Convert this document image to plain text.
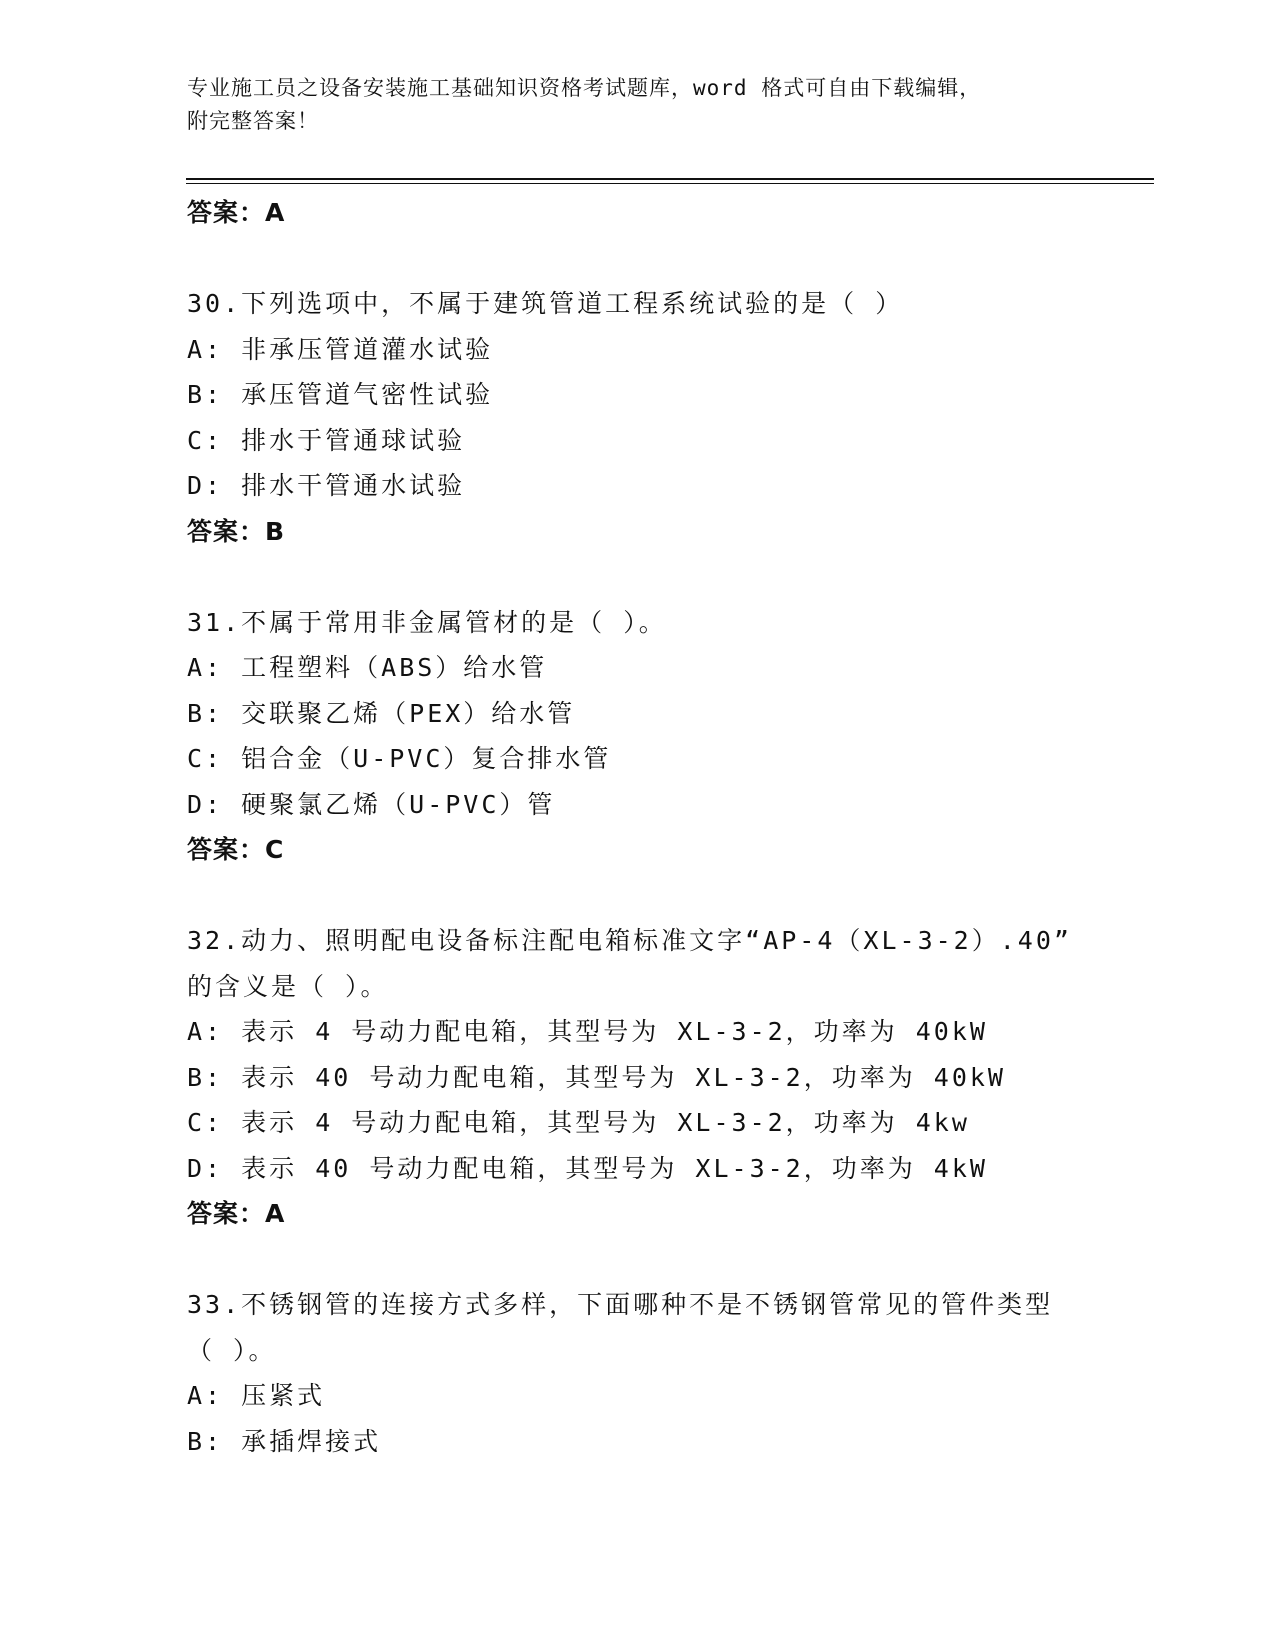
专业施工员之设备安装施工基础知识资格考试题库，word 格式可自由下载编辑，
附完整答案！
答案：A
30.下列选项中，不属于建筑管道工程系统试验的是（ ）
A: 非承压管道灌水试验
B: 承压管道气密性试验
C: 排水于管通球试验
D: 排水干管通水试验
答案：B
31.不属于常用非金属管材的是（ ）。
A: 工程塑料（ABS）给水管
B: 交联聚乙烯（PEX）给水管
C: 铝合金（U-PVC）复合排水管
D: 硬聚氯乙烯（U-PVC）管
答案：C
32.动力、照明配电设备标注配电箱标准文字“AP-4（XL-3-2）.40”
的含义是（ ）。
A: 表示 4 号动力配电箱，其型号为 XL-3-2，功率为 40kW
B: 表示 40 号动力配电箱，其型号为 XL-3-2，功率为 40kW
C: 表示 4 号动力配电箱，其型号为 XL-3-2，功率为 4kw
D: 表示 40 号动力配电箱，其型号为 XL-3-2，功率为 4kW
答案：A
33.不锈钢管的连接方式多样，下面哪种不是不锈钢管常见的管件类型
（ ）。
A: 压紧式
B: 承插焊接式
